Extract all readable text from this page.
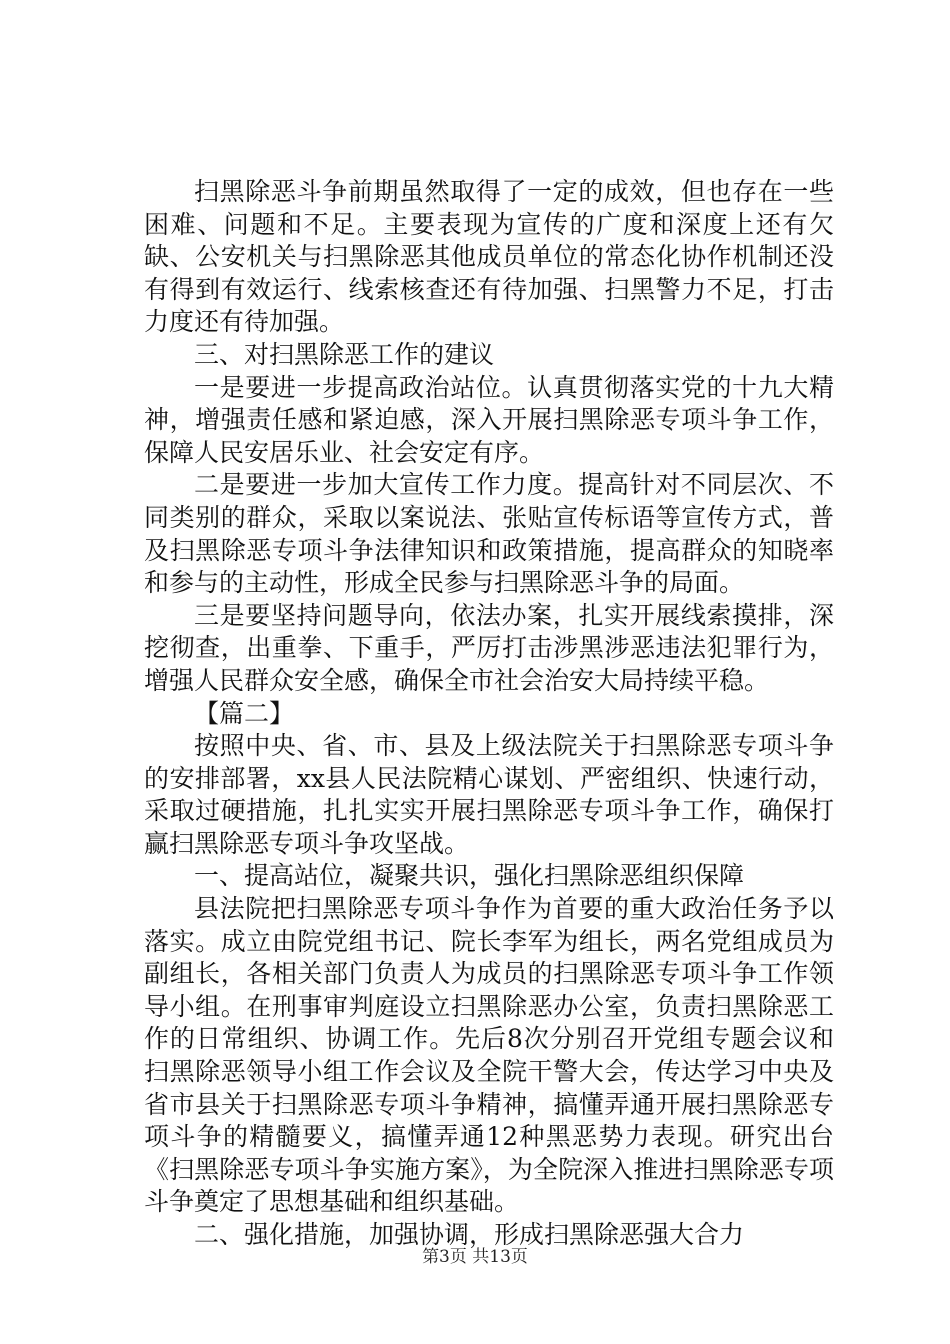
扫黑除恶斗争前期虽然取得了一定的成效，但也存在一些困难、问题和不足。主要表现为宣传的广度和深度上还有欠缺、公安机关与扫黑除恶其他成员单位的常态化协作机制还没有得到有效运行、线索核查还有待加强、扫黑警力不足，打击力度还有待加强。

三、对扫黑除恶工作的建议

一是要进一步提高政治站位。认真贯彻落实党的十九大精神，增强责任感和紧迫感，深入开展扫黑除恶专项斗争工作，保障人民安居乐业、社会安定有序。

二是要进一步加大宣传工作力度。提高针对不同层次、不同类别的群众，采取以案说法、张贴宣传标语等宣传方式，普及扫黑除恶专项斗争法律知识和政策措施，提高群众的知晓率和参与的主动性，形成全民参与扫黑除恶斗争的局面。

三是要坚持问题导向，依法办案，扎实开展线索摸排，深挖彻查，出重拳、下重手，严厉打击涉黑涉恶违法犯罪行为，增强人民群众安全感，确保全市社会治安大局持续平稳。

【篇二】

按照中央、省、市、县及上级法院关于扫黑除恶专项斗争的安排部署，xx县人民法院精心谋划、严密组织、快速行动，采取过硬措施，扎扎实实开展扫黑除恶专项斗争工作，确保打赢扫黑除恶专项斗争攻坚战。

一、提高站位，凝聚共识，强化扫黑除恶组织保障

县法院把扫黑除恶专项斗争作为首要的重大政治任务予以落实。成立由院党组书记、院长李军为组长，两名党组成员为副组长，各相关部门负责人为成员的扫黑除恶专项斗争工作领导小组。在刑事审判庭设立扫黑除恶办公室，负责扫黑除恶工作的日常组织、协调工作。先后8次分别召开党组专题会议和扫黑除恶领导小组工作会议及全院干警大会，传达学习中央及省市县关于扫黑除恶专项斗争精神，搞懂弄通开展扫黑除恶专项斗争的精髓要义，搞懂弄通12种黑恶势力表现。研究出台《扫黑除恶专项斗争实施方案》，为全院深入推进扫黑除恶专项斗争奠定了思想基础和组织基础。

二、强化措施，加强协调，形成扫黑除恶强大合力

第3页 共13页
